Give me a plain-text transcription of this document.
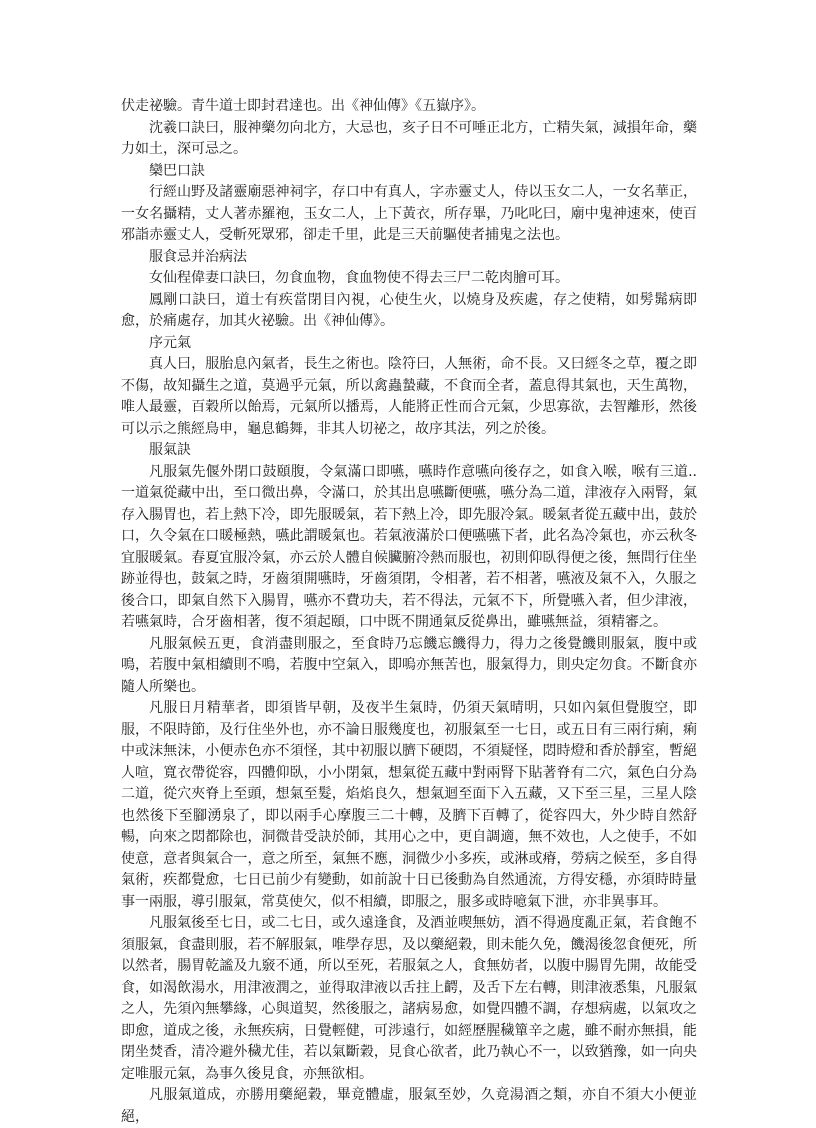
伏走祕驗。青牛道士即封君達也。出《神仙傳》《五嶽序》。

沈羲口訣曰，服神藥勿向北方，大忌也，亥子日不可唾正北方，亡精失氣，減損年命，藥力如土，深可忌之。

欒巴口訣

行經山野及諸靈廟惡神祠字，存口中有真人，字赤靈丈人，侍以玉女二人，一女名華正，一女名攝精，丈人著赤羅袍，玉女二人，上下黃衣，所存畢，乃叱叱曰，廟中鬼神速來，使百邪詣赤靈丈人，受斬死眾邪，卻走千里，此是三天前驅使者捕鬼之法也。

服食忌并治病法

女仙程偉妻口訣曰，勿食血物，食血物使不得去三尸二乾肉膾可耳。

鳳剛口訣曰，道士有疾當閉目內視，心使生火，以燒身及疾處，存之使精，如髣髴病即愈，於痛處存，加其火祕驗。出《神仙傳》。

序元氣

真人曰，服胎息內氣者，長生之術也。陰符曰，人無術，命不長。又曰經冬之草，覆之即不傷，故知攝生之道，莫過乎元氣，所以禽蟲蟄藏，不食而全者，蓋息得其氣也，天生萬物，唯人最靈，百穀所以飴焉，元氣所以播焉，人能將正性而合元氣，少思寡欲，去智離形，然後可以示之熊經鳥申，龜息鶴舞，非其人切祕之，故序其法，列之於後。

服氣訣

凡服氣先偃外閉口鼓頤腹，令氣滿口即嚥，嚥時作意嚥向後存之，如食入喉，喉有三道..一道氣從藏中出，至口微出鼻，令滿口，於其出息嚥斷便嚥，嚥分為二道，津液存入兩腎，氣存入腸胃也，若上熱下冷，即先服暖氣，若下熱上冷，即先服冷氣。暖氣者從五藏中出，鼓於口，久令氣在口暖極熱，嚥此謂暖氣也。若氣液滿於口便嚥嚥下者，此名為冷氣也，亦云秋冬宜服暖氣。春夏宜服冷氣，亦云於人體自候臟腑冷熱而服也，初則仰臥得便之後，無問行住坐跡並得也，鼓氣之時，牙齒須開嚥時，牙齒須閉，令相著，若不相著，嚥液及氣不入，久服之後合口，即氣自然下入腸胃，嚥亦不費功夫，若不得法，元氣不下，所覺嚥入者，但少津液，若嚥氣時，合牙齒相著，復不須起頤，口中既不開通氣反從鼻出，雖嚥無益，須精審之。

凡服氣候五更，食消盡則服之，至食時乃忘饑忘饑得力，得力之後覺饑則服氣，腹中或鳴，若腹中氣相續則不鳴，若腹中空氣入，即嗚亦無苦也，服氣得力，則央定勿食。不斷食亦隨人所樂也。

凡服日月精華者，即須皆早朝，及夜半生氣時，仍須天氣晴明，只如內氣但覺腹空，即服，不限時節，及行住坐外也，亦不論日服幾度也，初服氣至一七日，或五日有三兩行痢，痢中或沫無沫，小便赤色亦不須怪，其中初服以臍下硬悶，不須疑怪，悶時燈和香於靜室，暫絕人喧，寬衣帶從容，四體仰臥，小小閉氣，想氣從五藏中對兩腎下貼著脊有二穴，氣色白分為二道，從穴夾脊上至頭，想氣至髮，焰焰良久，想氣迴至面下入五藏，又下至三星，三星人陰也然後下至腳湧泉了，即以兩手心摩腹三二十轉，及臍下百轉了，從容四大，外少時自然舒暢，向來之悶都除也，洞微昔受訣於師，其用心之中，更自調適，無不效也，人之使手，不如使意，意者與氣合一，意之所至，氣無不應，洞微少小多疾，或淋或瘠，勞病之候至，多自得氣術，疾都覺愈，七日已前少有變動，如前說十日已後動為自然通流，方得安穩，亦須時時量事一兩服，導引服氣，常莫使欠，似不相續，即服之，服多或時噫氣下泄，亦非異事耳。

凡服氣後至七日，或二七日，或久遠逢食，及酒並喫無妨，酒不得過度亂正氣，若食飽不須服氣，食盡則服，若不解服氣，唯學存思，及以藥絕穀，則未能久免，饑渴後忽食便死，所以然者，腸胃乾謐及九竅不通，所以至死，若服氣之人，食無妨者，以腹中腸胃先開，故能受食，如渴飲湯水，用津液潤之，並得取津液以舌拄上齶，及舌下左右轉，則津液悉集，凡服氣之人，先須內無攀緣，心與道契，然後服之，諸病易愈，如覺四體不調，存想病處，以氣攻之即愈，道成之後，永無疾病，日覺輕健，可涉遠行，如經歷腥穢簞辛之處，雖不耐亦無損，能閉坐焚香，清冷避外穢尤佳，若以氣斷穀，見食心欲者，此乃執心不一，以致猶豫，如一向央定唯服元氣，為事久後見食，亦無欲相。

凡服氣道成，亦勝用藥絕穀，畢竟體虛，服氣至妙，久竟湯酒之類，亦自不須大小便並絕，
